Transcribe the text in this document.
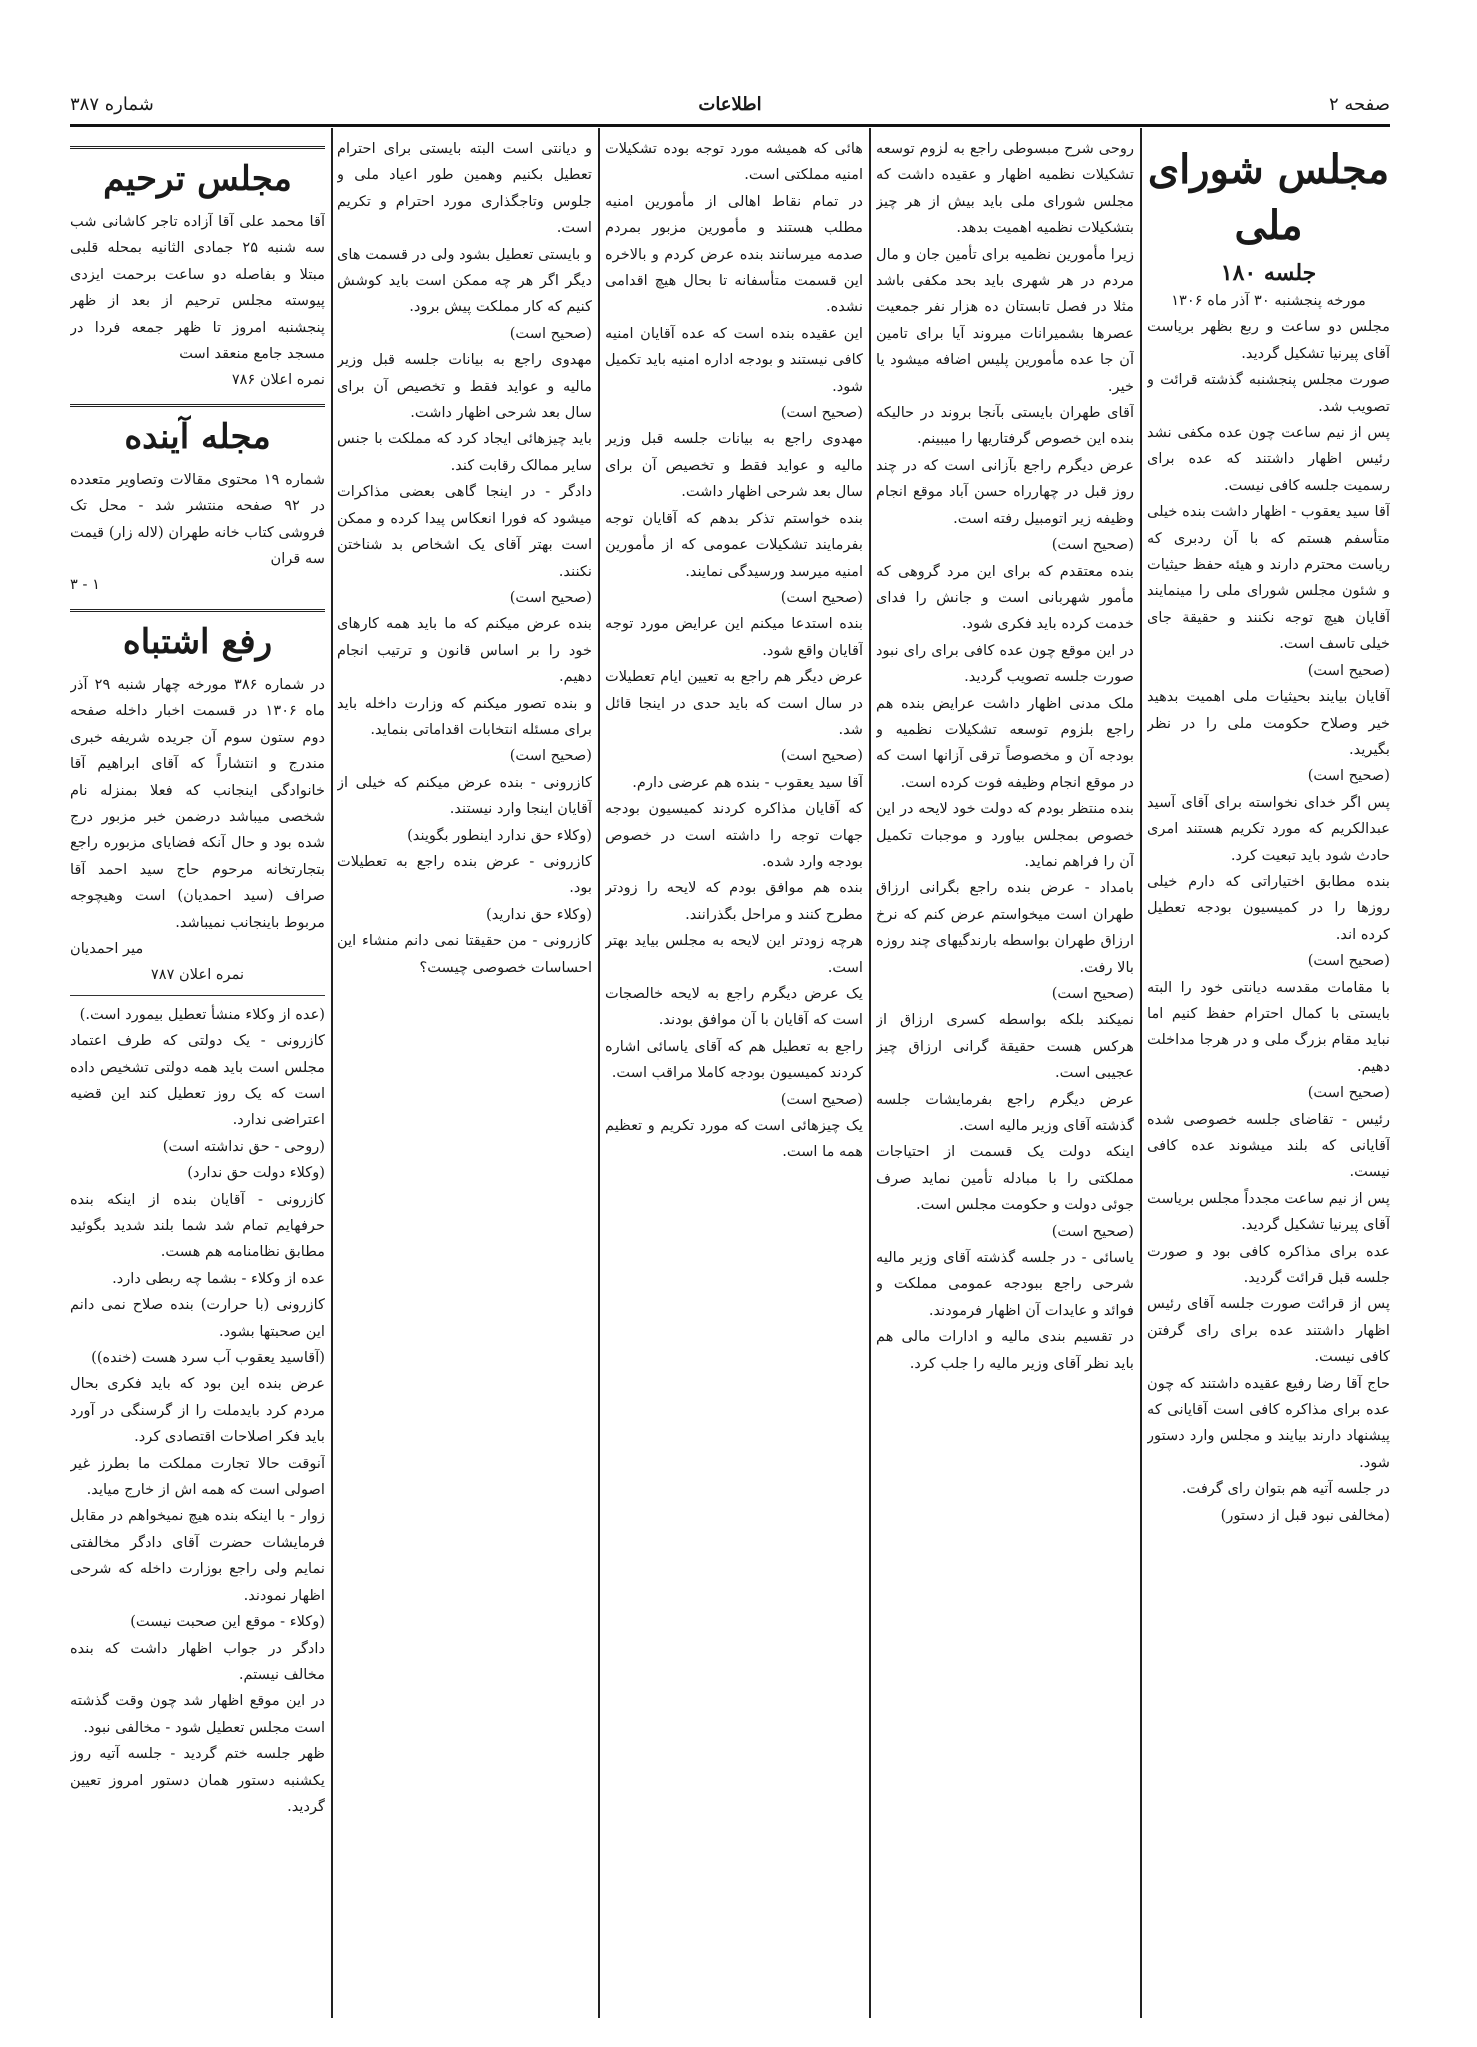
صفحه ۲
اطلاعات
شماره ۳۸۷
مجلس شورای ملی
جلسه ۱۸۰

مورخه پنجشنبه ۳۰ آذر ماه ۱۳۰۶

مجلس دو ساعت و ربع بظهر بریاست آقای پیرنیا تشکیل گردید.

صورت مجلس پنجشنبه گذشته قرائت و تصویب شد.

پس از نیم ساعت چون عده مکفی نشد رئیس اظهار داشتند که عده برای رسمیت جلسه کافی نیست.

آقا سید یعقوب - اظهار داشت بنده خیلی متأسفم هستم که با آن ردبری که ریاست محترم دارند و هیئه حفظ حیثیات و شئون مجلس شورای ملی را مینمایند آقایان هیچ توجه نکنند و حقیقة جای خیلی تاسف است.

(صحیح است)

آقایان بیایند بحیثیات ملی اهمیت بدهید خیر وصلاح حکومت ملی را در نظر بگیرید.

(صحیح است)

پس اگر خدای نخواسته برای آقای آسید عبدالکریم که مورد تکریم هستند امری حادث شود باید تبعیت کرد.

بنده مطابق اختیاراتی که دارم خیلی روزها را در کمیسیون بودجه تعطیل کرده اند.

(صحیح است)

با مقامات مقدسه دیانتی خود را البته بایستی با کمال احترام حفظ کنیم اما نباید مقام بزرگ ملی و در هرجا مداخلت دهیم.

(صحیح است)

رئیس - تقاضای جلسه خصوصی شده آقایانی که بلند میشوند عده کافی نیست.

پس از نیم ساعت مجدداً مجلس بریاست آقای پیرنیا تشکیل گردید.

عده برای مذاکره کافی بود و صورت جلسه قبل قرائت گردید.

پس از قرائت صورت جلسه آقای رئیس اظهار داشتند عده برای رای گرفتن کافی نیست.

حاج آقا رضا رفیع عقیده داشتند که چون عده برای مذاکره کافی است آقایانی که پیشنهاد دارند بیایند و مجلس وارد دستور شود.

در جلسه آتیه هم بتوان رای گرفت.

(مخالفی نبود قبل از دستور)

روحی شرح مبسوطی راجع به لزوم توسعه تشکیلات نظمیه اظهار و عقیده داشت که مجلس شورای ملی باید بیش از هر چیز بتشکیلات نظمیه اهمیت بدهد.

زیرا مأمورین نظمیه برای تأمین جان و مال مردم در هر شهری باید بحد مکفی باشد مثلا در فصل تابستان ده هزار نفر جمعیت عصرها بشمیرانات میروند آیا برای تامین آن جا عده مأمورین پلیس اضافه میشود یا خیر.

آقای طهران بایستی بآنجا بروند در حالیکه بنده این خصوص گرفتاریها را میبینم.

عرض دیگرم راجع بآزانی است که در چند روز قبل در چهارراه حسن آباد موقع انجام وظیفه زیر اتومبیل رفته است.

(صحیح است)

بنده معتقدم که برای این مرد گروهی که مأمور شهربانی است و جانش را فدای خدمت کرده باید فکری شود.

در این موقع چون عده کافی برای رای نبود صورت جلسه تصویب گردید.

ملک مدنی اظهار داشت عرایض بنده هم راجع بلزوم توسعه تشکیلات نظمیه و بودجه آن و مخصوصاً ترقی آزانها است که در موقع انجام وظیفه فوت کرده است.

بنده منتظر بودم که دولت خود لایحه در این خصوص بمجلس بیاورد و موجبات تکمیل آن را فراهم نماید.

بامداد - عرض بنده راجع بگرانی ارزاق طهران است میخواستم عرض کنم که نرخ ارزاق طهران بواسطه بارندگیهای چند روزه بالا رفت.

(صحیح است)

نمیکند بلکه بواسطه کسری ارزاق از هرکس هست حقیقة گرانی ارزاق چیز عجیبی است.

عرض دیگرم راجع بفرمایشات جلسه گذشته آقای وزیر مالیه است.

اینکه دولت یک قسمت از احتیاجات مملکتی را با مبادله تأمین نماید صرف جوئی دولت و حکومت مجلس است.

(صحیح است)

یاسائی - در جلسه گذشته آقای وزیر مالیه شرحی راجع ببودجه عمومی مملکت و فوائد و عایدات آن اظهار فرمودند.

در تقسیم بندی مالیه و ادارات مالی هم باید نظر آقای وزیر مالیه را جلب کرد.

هائی که همیشه مورد توجه بوده تشکیلات امنیه مملکتی است.

در تمام نقاط اهالی از مأمورین امنیه مطلب هستند و مأمورین مزبور بمردم صدمه میرسانند بنده عرض کردم و بالاخره این قسمت متأسفانه تا بحال هیچ اقدامی نشده.

این عقیده بنده است که عده آقایان امنیه کافی نیستند و بودجه اداره امنیه باید تکمیل شود.

(صحیح است)

مهدوی راجع به بیانات جلسه قبل وزیر مالیه و عواید فقط و تخصیص آن برای سال بعد شرحی اظهار داشت.

بنده خواستم تذکر بدهم که آقایان توجه بفرمایند تشکیلات عمومی که از مأمورین امنیه میرسد ورسیدگی نمایند.

(صحیح است)

بنده استدعا میکنم این عرایض مورد توجه آقایان واقع شود.

عرض دیگر هم راجع به تعیین ایام تعطیلات در سال است که باید حدی در اینجا قائل شد.

(صحیح است)

آقا سید یعقوب - بنده هم عرضی دارم.

که آقایان مذاکره کردند کمیسیون بودجه جهات توجه را داشته است در خصوص بودجه وارد شده.

بنده هم موافق بودم که لایحه را زودتر مطرح کنند و مراحل بگذرانند.

هرچه زودتر این لایحه به مجلس بیاید بهتر است.

یک عرض دیگرم راجع به لایحه خالصجات است که آقایان با آن موافق بودند.

راجع به تعطیل هم که آقای یاسائی اشاره کردند کمیسیون بودجه کاملا مراقب است.

(صحیح است)

یک چیزهائی است که مورد تکریم و تعظیم همه ما است.

و دیانتی است البته بایستی برای احترام تعطیل بکنیم وهمین طور اعیاد ملی و جلوس وتاجگذاری مورد احترام و تکریم است.

و بایستی تعطیل بشود ولی در قسمت های دیگر اگر هر چه ممکن است باید کوشش کنیم که کار مملکت پیش برود.

(صحیح است)

مهدوی راجع به بیانات جلسه قبل وزیر مالیه و عواید فقط و تخصیص آن برای سال بعد شرحی اظهار داشت.

باید چیزهائی ایجاد کرد که مملکت با جنس سایر ممالک رقابت کند.

دادگر - در اینجا گاهی بعضی مذاکرات میشود که فورا انعکاس پیدا کرده و ممکن است بهتر آقای یک اشخاص بد شناختن نکنند.

(صحیح است)

بنده عرض میکنم که ما باید همه کارهای خود را بر اساس قانون و ترتیب انجام دهیم.

و بنده تصور میکنم که وزارت داخله باید برای مسئله انتخابات اقداماتی بنماید.

(صحیح است)

کازرونی - بنده عرض میکنم که خیلی از آقایان اینجا وارد نیستند.

(وکلاء حق ندارد اینطور بگویند)

کازرونی - عرض بنده راجع به تعطیلات بود.

(وکلاء حق ندارید)

کازرونی - من حقیقتا نمی دانم منشاء این احساسات خصوصی چیست؟

مجلس ترحیم

آقا محمد علی آقا آزاده تاجر کاشانی شب سه شنبه ۲۵ جمادی الثانیه بمحله قلبی مبتلا و بفاصله دو ساعت برحمت ایزدی پیوسته مجلس ترحیم از بعد از ظهر پنجشنبه امروز تا ظهر جمعه فردا در مسجد جامع منعقد است

نمره اعلان ۷۸۶

مجله آینده

شماره ۱۹ محتوی مقالات وتصاویر متعدده در ۹۲ صفحه منتشر شد - محل تک فروشی کتاب خانه طهران (لاله زار) قیمت سه قران

۱ - ۳

رفع اشتباه

در شماره ۳۸۶ مورخه چهار شنبه ۲۹ آذر ماه ۱۳۰۶ در قسمت اخبار داخله صفحه دوم ستون سوم آن جریده شریفه خبری مندرج و انتشاراً که آقای ابراهیم آقا خانوادگی اینجانب که فعلا بمنزله نام شخصی میباشد درضمن خبر مزبور درج شده بود و حال آنکه فضایای مزبوره راجع بتجارتخانه مرحوم حاج سید احمد آقا صراف (سید احمدیان) است وهیچوجه مربوط باینجانب نمیباشد.

میر احمدیان

نمره اعلان ۷۸۷

(عده از وکلاء منشأ تعطیل بیمورد است.)

کازرونی - یک دولتی که طرف اعتماد مجلس است باید همه دولتی تشخیص داده است که یک روز تعطیل کند این قضیه اعتراضی ندارد.

(روحی - حق نداشته است)

(وکلاء دولت حق ندارد)

کازرونی - آقایان بنده از اینکه بنده حرفهایم تمام شد شما بلند شدید بگوئید مطابق نظامنامه هم هست.

عده از وکلاء - بشما چه ربطی دارد.

کازرونی (با حرارت) بنده صلاح نمی دانم این صحبتها بشود.

(آقاسید یعقوب آب سرد هست (خنده))

عرض بنده این بود که باید فکری بحال مردم کرد بایدملت را از گرسنگی در آورد باید فکر اصلاحات اقتصادی کرد.

آنوقت حالا تجارت مملکت ما بطرز غیر اصولی است که همه اش از خارج میاید.

زوار - با اینکه بنده هیچ نمیخواهم در مقابل فرمایشات حضرت آقای دادگر مخالفتی نمایم ولی راجع بوزارت داخله که شرحی اظهار نمودند.

(وکلاء - موقع این صحبت نیست)

دادگر در جواب اظهار داشت که بنده مخالف نیستم.

در این موقع اظهار شد چون وقت گذشته است مجلس تعطیل شود - مخالفی نبود.

ظهر جلسه ختم گردید - جلسه آتیه روز یکشنبه دستور همان دستور امروز تعیین گردید.
